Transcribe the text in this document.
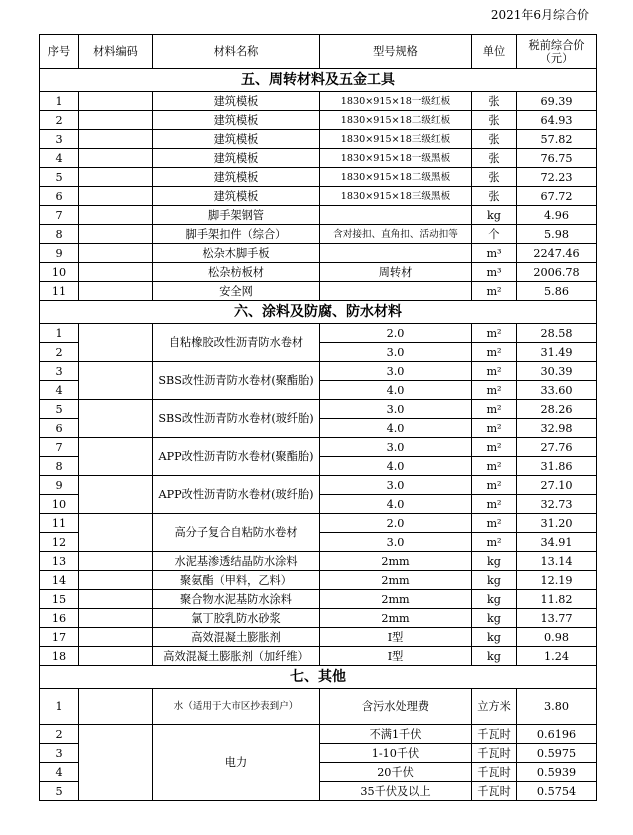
2021年6月综合价
序号	材料编码	材料名称	型号规格	单位	税前综合价
（元）
五、周转材料及五金工具					
1		建筑模板	1830×915×18一级红板	张	69.39
2		建筑模板	1830×915×18二级红板	张	64.93
3		建筑模板	1830×915×18三级红板	张	57.82
4		建筑模板	1830×915×18一级黑板	张	76.75
5		建筑模板	1830×915×18二级黑板	张	72.23
6		建筑模板	1830×915×18三级黑板	张	67.72
7		脚手架钢管		kg	4.96
8		脚手架扣件（综合）	含对接扣、直角扣、活动扣等	个	5.98
9		松杂木脚手板		m³	2247.46
10		松杂枋板材	周转材	m³	2006.78
11		安全网		m²	5.86
六、涂料及防腐、防水材料					
1		自粘橡胶改性沥青防水卷材	2.0	m²	28.58
2			3.0	m²	31.49
3		SBS改性沥青防水卷材(聚酯胎)	3.0	m²	30.39
4			4.0	m²	33.60
5		SBS改性沥青防水卷材(玻纤胎)	3.0	m²	28.26
6			4.0	m²	32.98
7		APP改性沥青防水卷材(聚酯胎)	3.0	m²	27.76
8			4.0	m²	31.86
9		APP改性沥青防水卷材(玻纤胎)	3.0	m²	27.10
10			4.0	m²	32.73
11		高分子复合自粘防水卷材	2.0	m²	31.20
12			3.0	m²	34.91
13		水泥基渗透结晶防水涂料	2mm	kg	13.14
14		聚氨酯（甲料，乙料）	2mm	kg	12.19
15		聚合物水泥基防水涂料	2mm	kg	11.82
16		氯丁胶乳防水砂浆	2mm	kg	13.77
17		高效混凝土膨胀剂	Ⅰ型	kg	0.98
18		高效混凝土膨胀剂（加纤维）	Ⅰ型	kg	1.24
七、其他					
1		水（适用于大市区抄表到户）	含污水处理费	立方米	3.80
2		电力	不满1千伏	千瓦时	0.6196
3			1-10千伏	千瓦时	0.5975
4			20千伏	千瓦时	0.5939
5			35千伏及以上	千瓦时	0.5754
